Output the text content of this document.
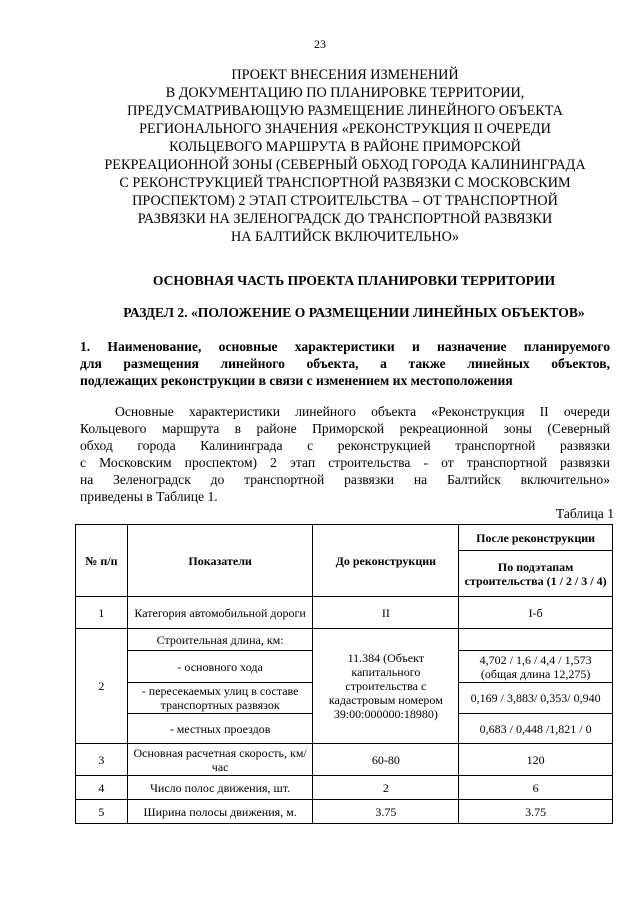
23
ПРОЕКТ ВНЕСЕНИЯ ИЗМЕНЕНИЙ
В ДОКУМЕНТАЦИЮ ПО ПЛАНИРОВКЕ ТЕРРИТОРИИ,
ПРЕДУСМАТРИВАЮЩУЮ РАЗМЕЩЕНИЕ ЛИНЕЙНОГО ОБЪЕКТА
РЕГИОНАЛЬНОГО ЗНАЧЕНИЯ «РЕКОНСТРУКЦИЯ II ОЧЕРЕДИ
КОЛЬЦЕВОГО МАРШРУТА В РАЙОНЕ ПРИМОРСКОЙ
РЕКРЕАЦИОННОЙ ЗОНЫ (СЕВЕРНЫЙ ОБХОД ГОРОДА КАЛИНИНГРАДА
С РЕКОНСТРУКЦИЕЙ ТРАНСПОРТНОЙ РАЗВЯЗКИ С МОСКОВСКИМ
ПРОСПЕКТОМ) 2 ЭТАП СТРОИТЕЛЬСТВА – ОТ ТРАНСПОРТНОЙ
РАЗВЯЗКИ НА ЗЕЛЕНОГРАДСК ДО ТРАНСПОРТНОЙ РАЗВЯЗКИ
НА БАЛТИЙСК ВКЛЮЧИТЕЛЬНО»
ОСНОВНАЯ ЧАСТЬ ПРОЕКТА ПЛАНИРОВКИ ТЕРРИТОРИИ
РАЗДЕЛ 2. «ПОЛОЖЕНИЕ О РАЗМЕЩЕНИИ ЛИНЕЙНЫХ ОБЪЕКТОВ»
1. Наименование, основные характеристики и назначение планируемого
для размещения линейного объекта, а также линейных объектов,
подлежащих реконструкции в связи с изменением их местоположения
Основные характеристики линейного объекта «Реконструкция II очереди
Кольцевого маршрута в районе Приморской рекреационной зоны (Северный
обход города Калининграда с реконструкцией транспортной развязки
с Московским проспектом) 2 этап строительства - от транспортной развязки
на Зеленоградск до транспортной развязки на Балтийск включительно»
приведены в Таблице 1.
Таблица 1
№ п/п	Показатели	До реконструкции	После реконструкции
			По подэтапам строительства (1 / 2 / 3 / 4)
1	Категория автомобильной дороги	II	I-б
2	Строительная длина, км:	11.384 (Объект капитального строительства с кадастровым номером 39:00:000000:18980)	
	- основного хода		4,702 / 1,6 / 4,4 / 1,573 (общая длина 12,275)
	- пересекаемых улиц в составе транспортных развязок		0,169 / 3,883/ 0,353/ 0,940
	- местных проездов		0,683 / 0,448 /1,821 / 0
3	Основная расчетная скорость, км/час	60-80	120
4	Число полос движения, шт.	2	6
5	Ширина полосы движения, м.	3.75	3.75
